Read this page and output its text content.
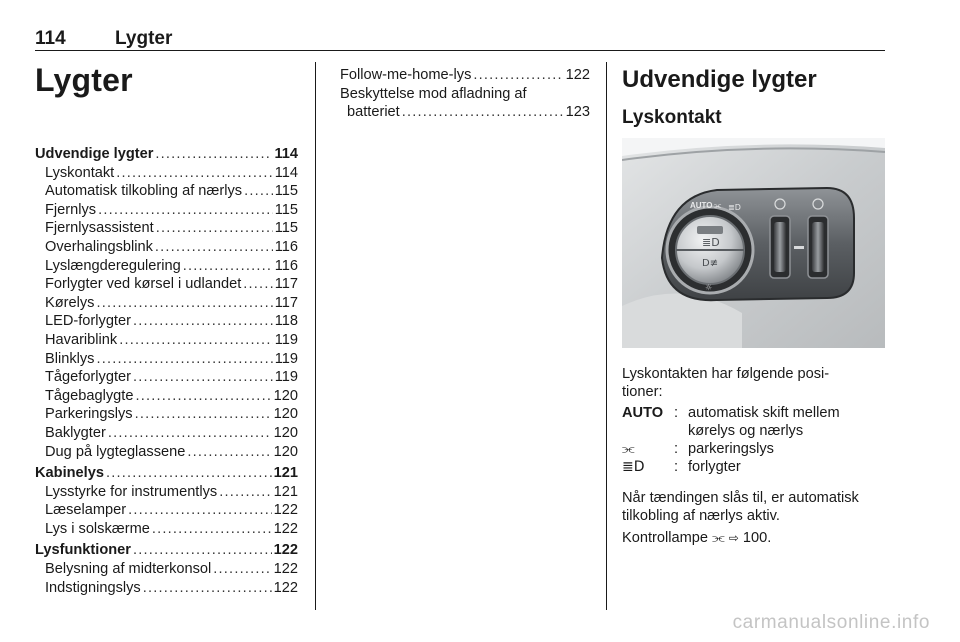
114	Lygter
Lygter
Udvendige lygter .....	114
Lyskontakt .....	114
Automatisk tilkobling af nærlys ..... 115
Fjernlys .....	115
Fjernlysassistent .....	115
Overhalingsblink .....	116
Lyslængderegulering .....	116
Forlygter ved kørsel i udlandet ..... 117
Kørelys .....	117
LED-forlygter .....	118
Havariblink .....	119
Blinklys .....	119
Tågeforlygter .....	119
Tågebaglygte .....	120
Parkeringslys .....	120
Baklygter .....	120
Dug på lygteglassene .....	120
Kabinelys .....	121
Lysstyrke for instrumentlys .....	121
Læselamper .....	122
Lys i solskærme .....	122
Lysfunktioner .....	122
Belysning af midterkonsol .....	122
Indstigningslys .....	122
Follow-me-home-lys .....	122
Beskyttelse mod afladning af
batteriet .....	123
Udvendige lygter
Lyskontakt
AUTO ⫘ ≣D
≣D
D≢
☼
Lyskontakten har følgende posi-
tioner:
AUTO : automatisk skift mellem kørelys og nærlys
⫘	: parkeringslys
≣D	: forlygter
Når tændingen slås til, er automatisk tilkobling af nærlys aktiv.
Kontrollampe ⫘ ⇨ 100.
carmanualsonline.info
